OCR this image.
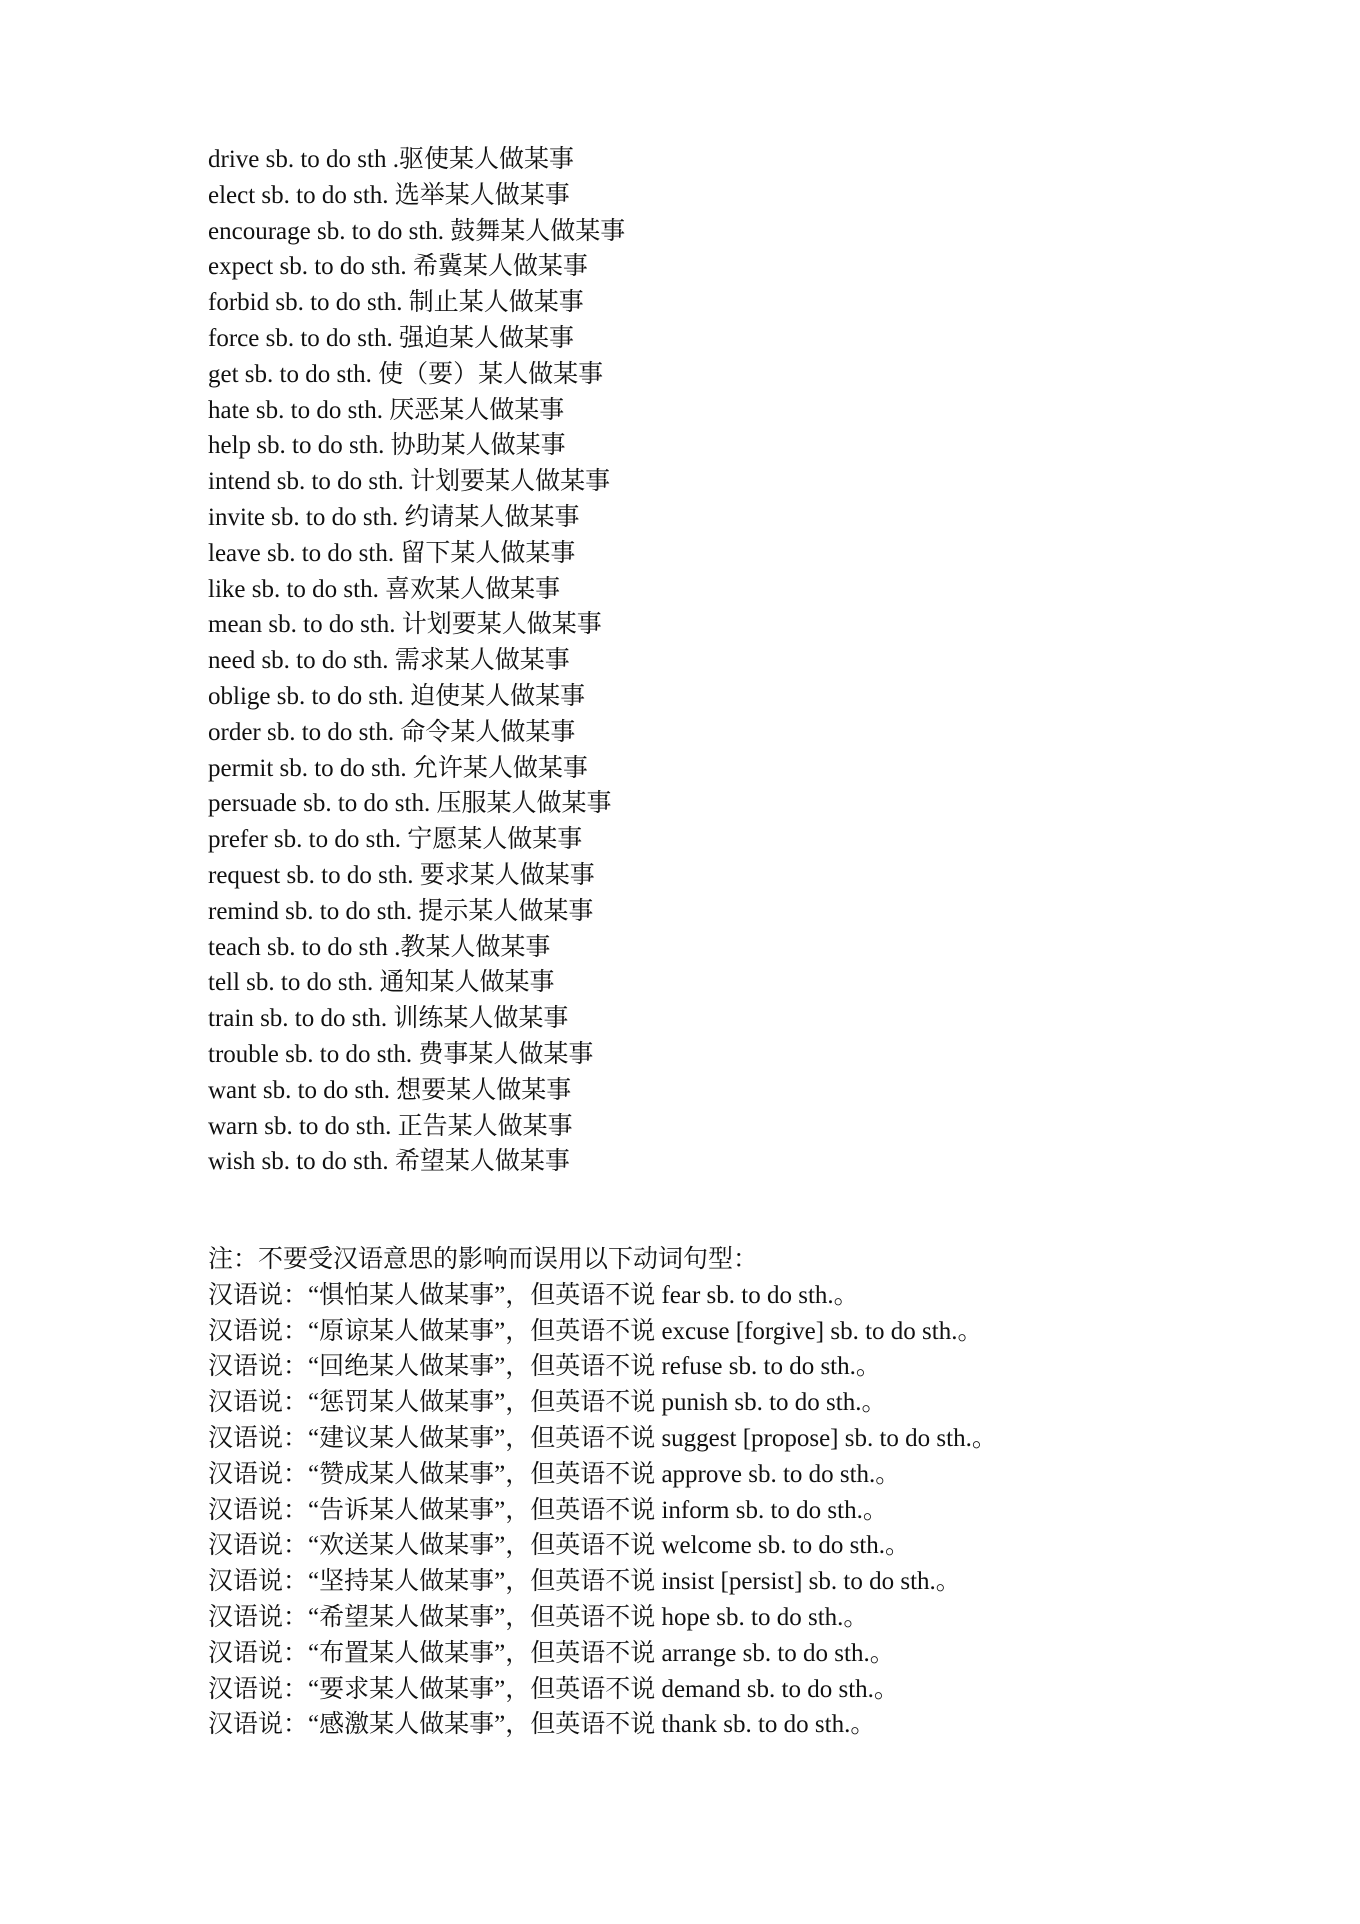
drive sb. to do sth .驱使某人做某事
elect sb. to do sth. 选举某人做某事
encourage sb. to do sth. 鼓舞某人做某事
expect sb. to do sth. 希冀某人做某事
forbid sb. to do sth. 制止某人做某事
force sb. to do sth. 强迫某人做某事
get sb. to do sth. 使（要）某人做某事
hate sb. to do sth. 厌恶某人做某事
help sb. to do sth. 协助某人做某事
intend sb. to do sth. 计划要某人做某事
invite sb. to do sth. 约请某人做某事
leave sb. to do sth. 留下某人做某事
like sb. to do sth. 喜欢某人做某事
mean sb. to do sth. 计划要某人做某事
need sb. to do sth. 需求某人做某事
oblige sb. to do sth. 迫使某人做某事
order sb. to do sth. 命令某人做某事
permit sb. to do sth. 允许某人做某事
persuade sb. to do sth. 压服某人做某事
prefer sb. to do sth. 宁愿某人做某事
request sb. to do sth. 要求某人做某事
remind sb. to do sth. 提示某人做某事
teach sb. to do sth .教某人做某事
tell sb. to do sth. 通知某人做某事
train sb. to do sth. 训练某人做某事
trouble sb. to do sth. 费事某人做某事
want sb. to do sth. 想要某人做某事
warn sb. to do sth. 正告某人做某事
wish sb. to do sth. 希望某人做某事
注：不要受汉语意思的影响而误用以下动词句型：
汉语说：“惧怕某人做某事”，但英语不说 fear sb. to do sth.。
汉语说：“原谅某人做某事”，但英语不说 excuse [forgive] sb. to do sth.。
汉语说：“回绝某人做某事”，但英语不说 refuse sb. to do sth.。
汉语说：“惩罚某人做某事”，但英语不说 punish sb. to do sth.。
汉语说：“建议某人做某事”，但英语不说 suggest [propose] sb. to do sth.。
汉语说：“赞成某人做某事”，但英语不说 approve sb. to do sth.。
汉语说：“告诉某人做某事”，但英语不说 inform sb. to do sth.。
汉语说：“欢送某人做某事”，但英语不说 welcome sb. to do sth.。
汉语说：“坚持某人做某事”，但英语不说 insist [persist] sb. to do sth.。
汉语说：“希望某人做某事”，但英语不说 hope sb. to do sth.。
汉语说：“布置某人做某事”，但英语不说 arrange sb. to do sth.。
汉语说：“要求某人做某事”，但英语不说 demand sb. to do sth.。
汉语说：“感激某人做某事”，但英语不说 thank sb. to do sth.。
